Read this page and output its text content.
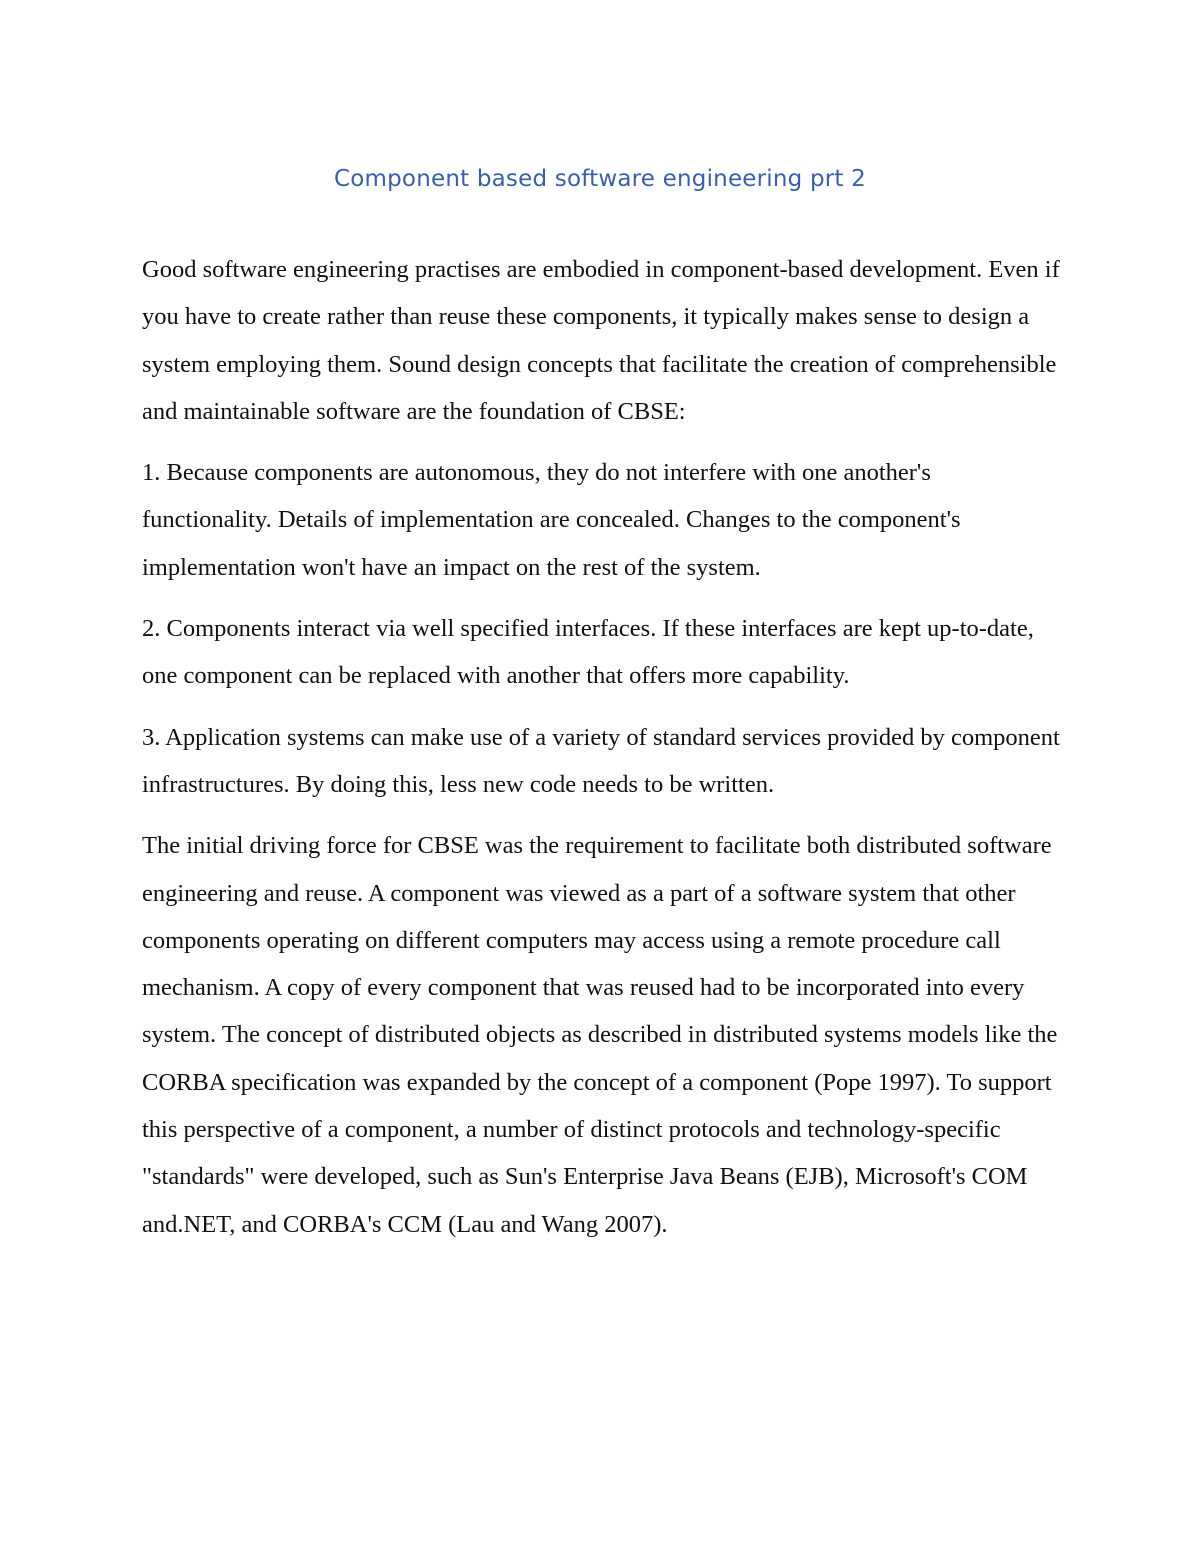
Component based software engineering prt 2

Good software engineering practises are embodied in component-based development. Even if you have to create rather than reuse these components, it typically makes sense to design a system employing them. Sound design concepts that facilitate the creation of comprehensible and maintainable software are the foundation of CBSE:

1. Because components are autonomous, they do not interfere with one another's functionality. Details of implementation are concealed. Changes to the component's implementation won't have an impact on the rest of the system.

2. Components interact via well specified interfaces. If these interfaces are kept up-to-date, one component can be replaced with another that offers more capability.

3. Application systems can make use of a variety of standard services provided by component infrastructures. By doing this, less new code needs to be written.

The initial driving force for CBSE was the requirement to facilitate both distributed software engineering and reuse. A component was viewed as a part of a software system that other components operating on different computers may access using a remote procedure call mechanism. A copy of every component that was reused had to be incorporated into every system. The concept of distributed objects as described in distributed systems models like the CORBA specification was expanded by the concept of a component (Pope 1997). To support this perspective of a component, a number of distinct protocols and technology-specific "standards" were developed, such as Sun's Enterprise Java Beans (EJB), Microsoft's COM and.NET, and CORBA's CCM (Lau and Wang 2007).
